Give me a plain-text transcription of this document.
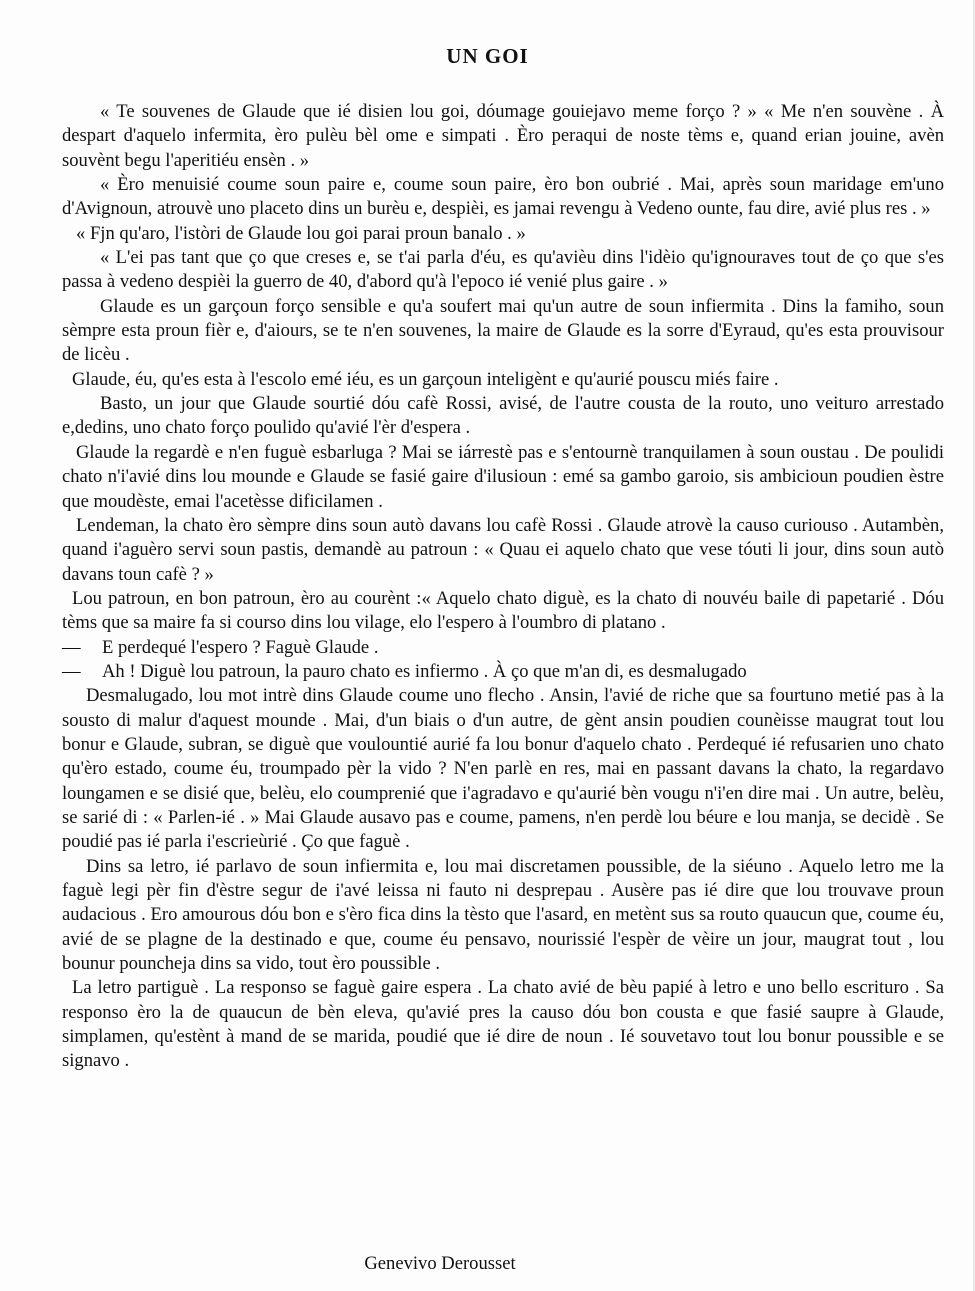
UN GOI

« Te souvenes de Glaude que ié disien lou goi, dóumage gouiejavo meme forço ? » « Me n'en souvène . À despart d'aquelo infermita, èro pulèu bèl ome e simpati . Èro peraqui de noste tèms e, quand erian jouine, avèn souvènt begu l'aperitiéu ensèn . »

« Èro menuisié coume soun paire e, coume soun paire, èro bon oubrié . Mai, après soun maridage em'uno d'Avignoun, atrouvè uno placeto dins un burèu e, despièi, es jamai revengu à Vedeno ounte, fau dire, avié plus res . »

« Fjn qu'aro, l'istòri de Glaude lou goi parai proun banalo . »

« L'ei pas tant que ço que creses e, se t'ai parla d'éu, es qu'avièu dins l'idèio qu'ignouraves tout de ço que s'es passa à vedeno despièi la guerro de 40, d'abord qu'à l'epoco ié venié plus gaire . »

Glaude es un garçoun forço sensible e qu'a soufert mai qu'un autre de soun infiermita . Dins la famiho, soun sèmpre esta proun fièr e, d'aiours, se te n'en souvenes, la maire de Glaude es la sorre d'Eyraud, qu'es esta prouvisour de licèu .

Glaude, éu, qu'es esta à l'escolo emé iéu, es un garçoun inteligènt e qu'aurié pouscu miés faire .

Basto, un jour que Glaude sourtié dóu cafè Rossi, avisé, de l'autre cousta de la routo, uno veituro arrestado e,dedins, uno chato forço poulido qu'avié l'èr d'espera .

Glaude la regardè e n'en fuguè esbarluga ? Mai se iárrestè pas e s'entournè tranquilamen à soun oustau . De poulidi chato n'i'avié dins lou mounde e Glaude se fasié gaire d'ilusioun : emé sa gambo garoio, sis ambicioun poudien èstre que moudèste, emai l'acetèsse dificilamen .

Lendeman, la chato èro sèmpre dins soun autò davans lou cafè Rossi . Glaude atrovè la causo curiouso . Autambèn, quand i'aguèro servi soun pastis, demandè au patroun : « Quau ei aquelo chato que vese tóuti li jour, dins soun autò davans toun cafè ? »

Lou patroun, en bon patroun, èro au courènt :« Aquelo chato diguè, es la chato di nouvéu baile di papetarié . Dóu tèms que sa maire fa si courso dins lou vilage, elo l'espero à l'oumbro di platano .

— E perdequé l'espero ? Faguè Glaude .

— Ah ! Diguè lou patroun, la pauro chato es infiermo . À ço que m'an di, es desmalugado

Desmalugado, lou mot intrè dins Glaude coume uno flecho . Ansin, l'avié de riche que sa fourtuno metié pas à la sousto di malur d'aquest mounde . Mai, d'un biais o d'un autre, de gènt ansin poudien counèisse maugrat tout lou bonur e Glaude, subran, se diguè que voulountié aurié fa lou bonur d'aquelo chato . Perdequé ié refusarien uno chato qu'èro estado, coume éu, troumpado pèr la vido ? N'en parlè en res, mai en passant davans la chato, la regardavo loungamen e se disié que, belèu, elo coumprenié que i'agradavo e qu'aurié bèn vougu n'i'en dire mai . Un autre, belèu, se sarié di : « Parlen-ié . » Mai Glaude ausavo pas e coume, pamens, n'en perdè lou béure e lou manja, se decidè . Se poudié pas ié parla i'escrieùrié . Ço que faguè .

Dins sa letro, ié parlavo de soun infiermita e, lou mai discretamen poussible, de la siéuno . Aquelo letro me la faguè legi pèr fin d'èstre segur de i'avé leissa ni fauto ni desprepau . Ausère pas ié dire que lou trouvave proun audacious . Ero amourous dóu bon e s'èro fica dins la tèsto que l'asard, en metènt sus sa routo quaucun que, coume éu, avié de se plagne de la destinado e que, coume éu pensavo, nourissié l'espèr de vèire un jour, maugrat tout , lou bounur pouncheja dins sa vido, tout èro poussible .

La letro partiguè . La responso se faguè gaire espera . La chato avié de bèu papié à letro e uno bello escrituro . Sa responso èro la de quaucun de bèn eleva, qu'avié pres la causo dóu bon cousta e que fasié saupre à Glaude, simplamen, qu'estènt à mand de se marida, poudié que ié dire de noun . Ié souvetavo tout lou bonur poussible e se signavo .

Genevivo Derousset
